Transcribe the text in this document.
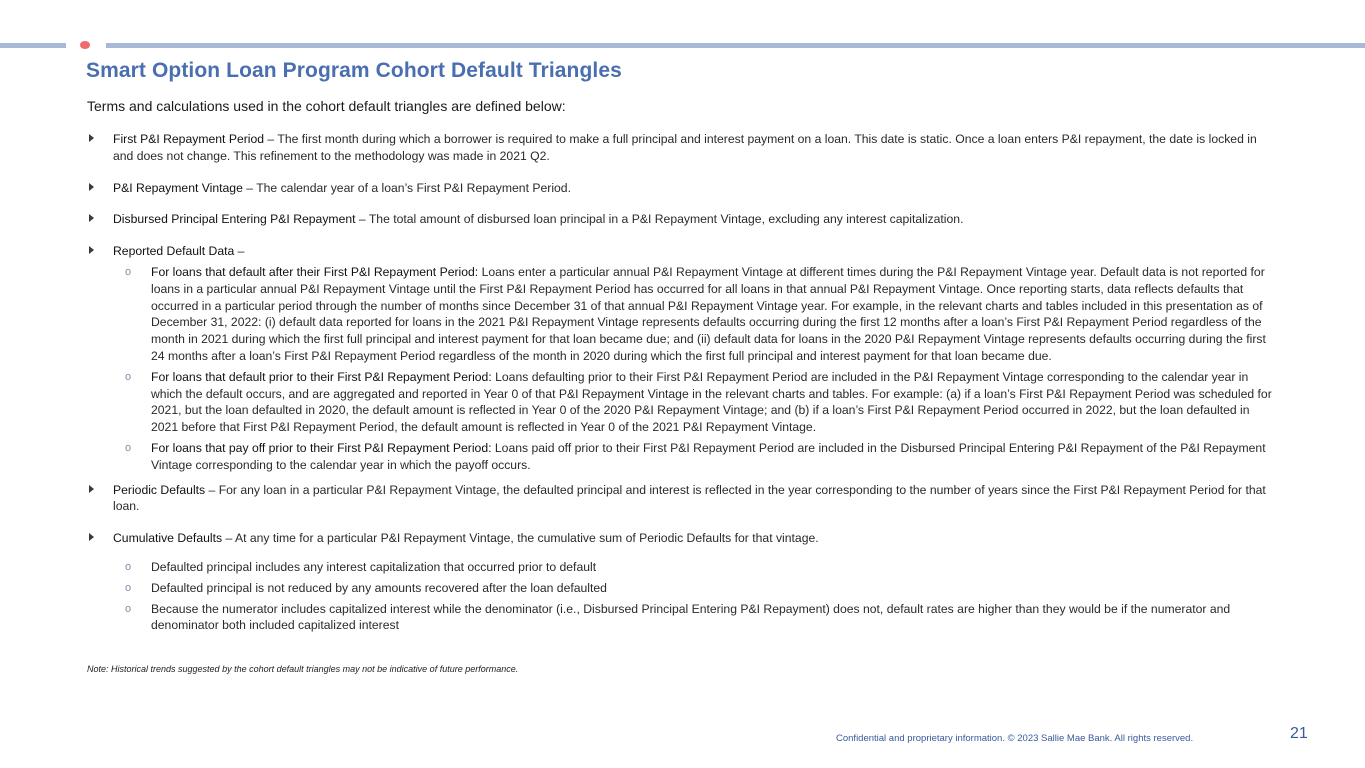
Smart Option Loan Program Cohort Default Triangles
Terms and calculations used in the cohort default triangles are defined below:
First P&I Repayment Period – The first month during which a borrower is required to make a full principal and interest payment on a loan. This date is static. Once a loan enters P&I repayment, the date is locked in and does not change. This refinement to the methodology was made in 2021 Q2.
P&I Repayment Vintage – The calendar year of a loan’s First P&I Repayment Period.
Disbursed Principal Entering P&I Repayment – The total amount of disbursed loan principal in a P&I Repayment Vintage, excluding any interest capitalization.
Reported Default Data –
o For loans that default after their First P&I Repayment Period: Loans enter a particular annual P&I Repayment Vintage at different times during the P&I Repayment Vintage year. Default data is not reported for loans in a particular annual P&I Repayment Vintage until the First P&I Repayment Period has occurred for all loans in that annual P&I Repayment Vintage. Once reporting starts, data reflects defaults that occurred in a particular period through the number of months since December 31 of that annual P&I Repayment Vintage year. For example, in the relevant charts and tables included in this presentation as of December 31, 2022: (i) default data reported for loans in the 2021 P&I Repayment Vintage represents defaults occurring during the first 12 months after a loan’s First P&I Repayment Period regardless of the month in 2021 during which the first full principal and interest payment for that loan became due; and (ii) default data for loans in the 2020 P&I Repayment Vintage represents defaults occurring during the first 24 months after a loan’s First P&I Repayment Period regardless of the month in 2020 during which the first full principal and interest payment for that loan became due.
o For loans that default prior to their First P&I Repayment Period: Loans defaulting prior to their First P&I Repayment Period are included in the P&I Repayment Vintage corresponding to the calendar year in which the default occurs, and are aggregated and reported in Year 0 of that P&I Repayment Vintage in the relevant charts and tables. For example: (a) if a loan’s First P&I Repayment Period was scheduled for 2021, but the loan defaulted in 2020, the default amount is reflected in Year 0 of the 2020 P&I Repayment Vintage; and (b) if a loan’s First P&I Repayment Period occurred in 2022, but the loan defaulted in 2021 before that First P&I Repayment Period, the default amount is reflected in Year 0 of the 2021 P&I Repayment Vintage.
o For loans that pay off prior to their First P&I Repayment Period: Loans paid off prior to their First P&I Repayment Period are included in the Disbursed Principal Entering P&I Repayment of the P&I Repayment Vintage corresponding to the calendar year in which the payoff occurs.
Periodic Defaults – For any loan in a particular P&I Repayment Vintage, the defaulted principal and interest is reflected in the year corresponding to the number of years since the First P&I Repayment Period for that loan.
Cumulative Defaults – At any time for a particular P&I Repayment Vintage, the cumulative sum of Periodic Defaults for that vintage.
o Defaulted principal includes any interest capitalization that occurred prior to default
o Defaulted principal is not reduced by any amounts recovered after the loan defaulted
o Because the numerator includes capitalized interest while the denominator (i.e., Disbursed Principal Entering P&I Repayment) does not, default rates are higher than they would be if the numerator and denominator both included capitalized interest
Note: Historical trends suggested by the cohort default triangles may not be indicative of future performance.
Confidential and proprietary information. © 2023 Sallie Mae Bank. All rights reserved.	21
